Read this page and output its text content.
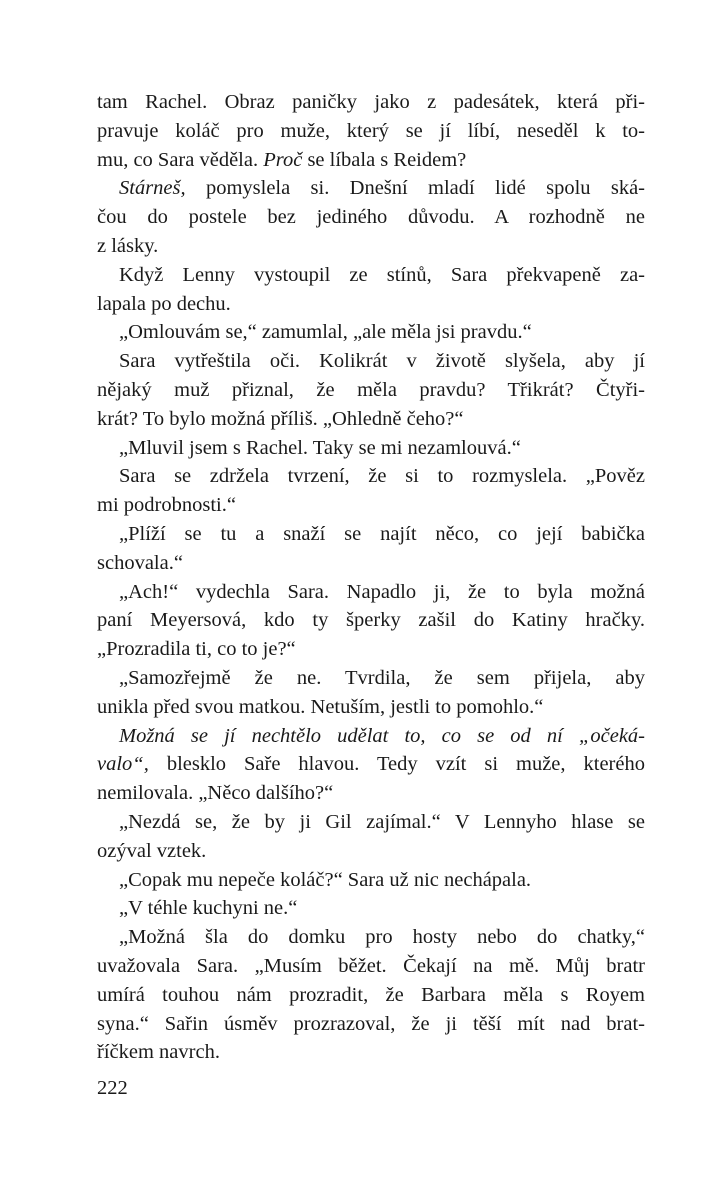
tam Rachel. Obraz paničky jako z padesátek, která při-
pravuje koláč pro muže, který se jí líbí, neseděl k to-
mu, co Sara věděla. Proč se líbala s Reidem?

Stárneš, pomyslela si. Dnešní mladí lidé spolu ská-
čou do postele bez jediného důvodu. A rozhodně ne
z lásky.

Když Lenny vystoupil ze stínů, Sara překvapeně za-
lapala po dechu.

„Omlouvám se,“ zamumlal, „ale měla jsi pravdu.“

Sara vytřeštila oči. Kolikrát v životě slyšela, aby jí
nějaký muž přiznal, že měla pravdu? Třikrát? Čtyři-
krát? To bylo možná příliš. „Ohledně čeho?“

„Mluvil jsem s Rachel. Taky se mi nezamlouvá.“

Sara se zdržela tvrzení, že si to rozmyslela. „Pověz
mi podrobnosti.“

„Plíží se tu a snaží se najít něco, co její babička
schovala.“

„Ach!“ vydechla Sara. Napadlo ji, že to byla možná
paní Meyersová, kdo ty šperky zašil do Katiny hračky.
„Prozradila ti, co to je?“

„Samozřejmě že ne. Tvrdila, že sem přijela, aby
unikla před svou matkou. Netuším, jestli to pomohlo.“

Možná se jí nechtělo udělat to, co se od ní „očeká-
valo“, blesklo Saře hlavou. Tedy vzít si muže, kterého
nemilovala. „Něco dalšího?“

„Nezdá se, že by ji Gil zajímal.“ V Lennyho hlase se
ozýval vztek.

„Copak mu nepeče koláč?“ Sara už nic nechápala.

„V téhle kuchyni ne.“

„Možná šla do domku pro hosty nebo do chatky,“
uvažovala Sara. „Musím běžet. Čekají na mě. Můj bratr
umírá touhou nám prozradit, že Barbara měla s Royem
syna.“ Sařin úsměv prozrazoval, že ji těší mít nad brat-
říčkem navrch.

222
